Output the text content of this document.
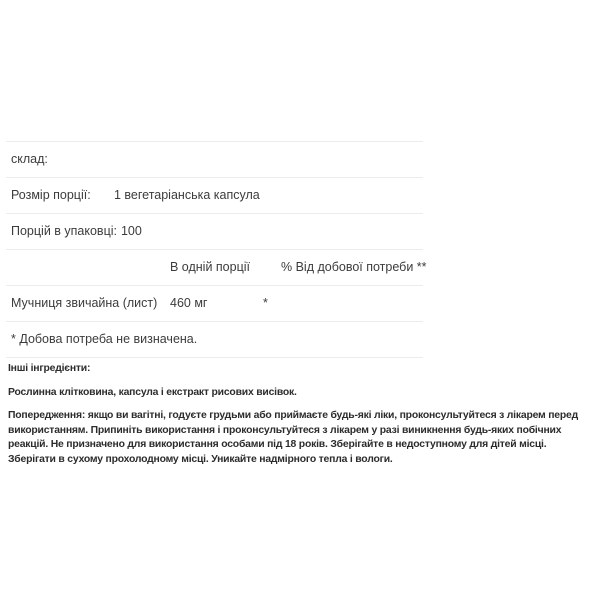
склад:
Розмір порції: 1 вегетаріанська капсула
Порцій в упаковці: 100
В одній порції % Від добової потреби **
Мучниця звичайна (лист) 460 мг	*
* Добова потреба не визначена.

Інші інгредієнти:

Рослинна клітковина, капсула і екстракт рисових висівок.

Попередження: якщо ви вагітні, годуєте грудьми або приймаєте будь-які ліки, проконсультуйтеся з лікарем перед використанням. Припиніть використання і проконсультуйтеся з лікарем у разі виникнення будь-яких побічних реакцій. Не призначено для використання особами під 18 років. Зберігайте в недоступному для дітей місці. Зберігати в сухому прохолодному місці. Уникайте надмірного тепла і вологи.
